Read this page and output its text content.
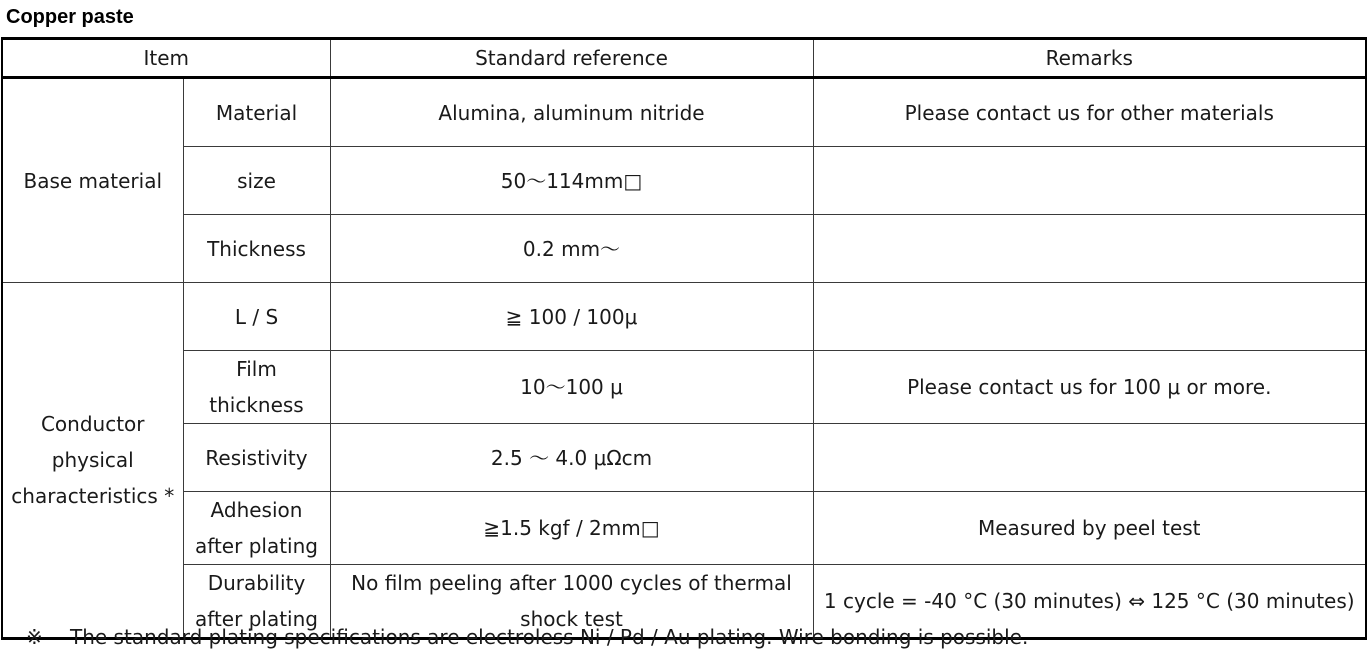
Copper paste
Item		Standard reference	Remarks
Base material	Material	Alumina, aluminum nitride	Please contact us for other materials
	size	50～114mm□	
	Thickness	0.2 mm～	
Conductor physical characteristics *	L / S	≧ 100 / 100μ	
	Film thickness	10～100 μ	Please contact us for 100 μ or more.
	Resistivity	2.5 ～ 4.0 μΩcm	
	Adhesion after plating	≧1.5 kgf / 2mm□	Measured by peel test
	Durability after plating	No film peeling after 1000 cycles of thermal shock test	1 cycle = -40 °C (30 minutes) ⇔ 125 °C (30 minutes)
※ The standard plating specifications are electroless Ni / Pd / Au plating. Wire bonding is possible.
